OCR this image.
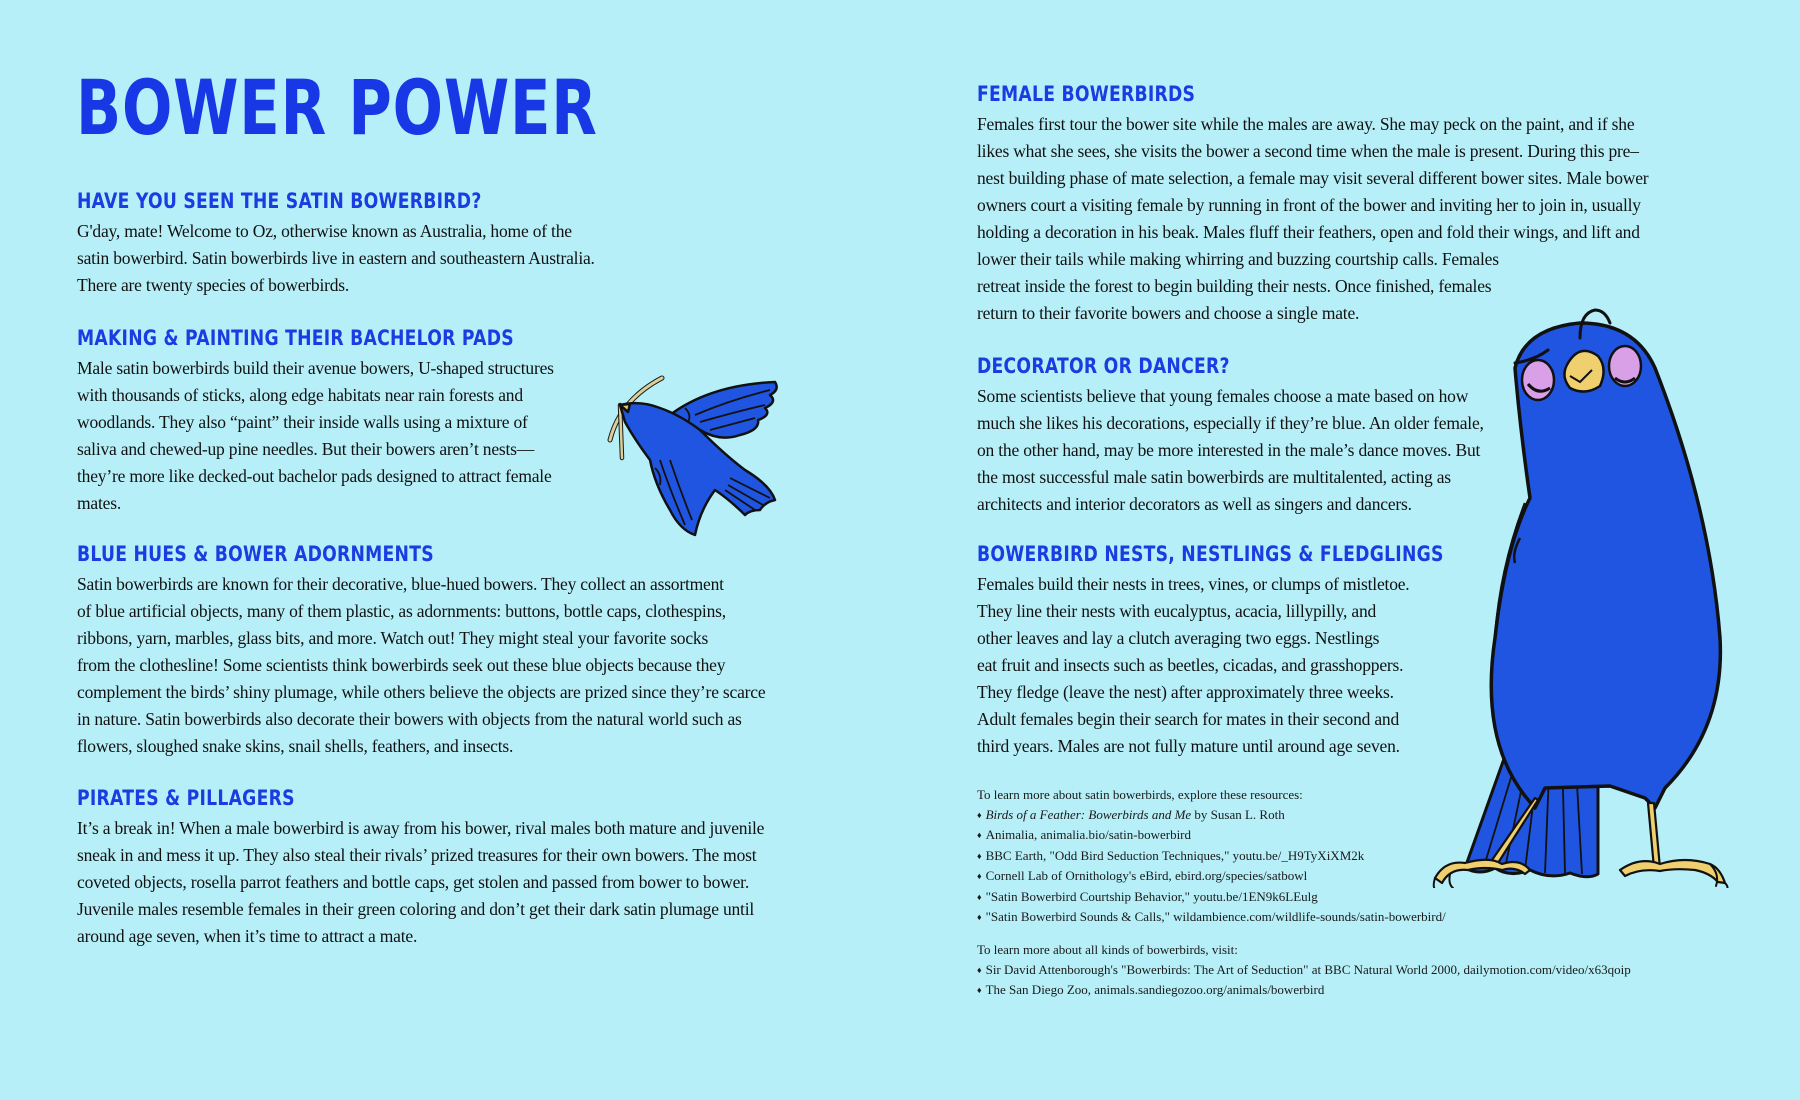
BOWER POWER
HAVE YOU SEEN THE SATIN BOWERBIRD?

G'day, mate! Welcome to Oz, otherwise known as Australia, home of the
satin bowerbird. Satin bowerbirds live in eastern and southeastern Australia.
There are twenty species of bowerbirds.

MAKING & PAINTING THEIR BACHELOR PADS

Male satin bowerbirds build their avenue bowers, U-shaped structures
with thousands of sticks, along edge habitats near rain forests and
woodlands. They also “paint” their inside walls using a mixture of
saliva and chewed-up pine needles. But their bowers aren’t nests—
they’re more like decked-out bachelor pads designed to attract female
mates.

BLUE HUES & BOWER ADORNMENTS

Satin bowerbirds are known for their decorative, blue-hued bowers. They collect an assortment
of blue artificial objects, many of them plastic, as adornments: buttons, bottle caps, clothespins,
ribbons, yarn, marbles, glass bits, and more. Watch out! They might steal your favorite socks
from the clothesline! Some scientists think bowerbirds seek out these blue objects because they
complement the birds’ shiny plumage, while others believe the objects are prized since they’re scarce
in nature. Satin bowerbirds also decorate their bowers with objects from the natural world such as
flowers, sloughed snake skins, snail shells, feathers, and insects.

PIRATES & PILLAGERS

It’s a break in! When a male bowerbird is away from his bower, rival males both mature and juvenile
sneak in and mess it up. They also steal their rivals’ prized treasures for their own bowers. The most
coveted objects, rosella parrot feathers and bottle caps, get stolen and passed from bower to bower.
Juvenile males resemble females in their green coloring and don’t get their dark satin plumage until
around age seven, when it’s time to attract a mate.

FEMALE BOWERBIRDS

Females first tour the bower site while the males are away. She may peck on the paint, and if she
likes what she sees, she visits the bower a second time when the male is present. During this pre–
nest building phase of mate selection, a female may visit several different bower sites. Male bower
owners court a visiting female by running in front of the bower and inviting her to join in, usually
holding a decoration in his beak. Males fluff their feathers, open and fold their wings, and lift and
lower their tails while making whirring and buzzing courtship calls. Females
retreat inside the forest to begin building their nests. Once finished, females
return to their favorite bowers and choose a single mate.

DECORATOR OR DANCER?

Some scientists believe that young females choose a mate based on how
much she likes his decorations, especially if they’re blue. An older female,
on the other hand, may be more interested in the male’s dance moves. But
the most successful male satin bowerbirds are multitalented, acting as
architects and interior decorators as well as singers and dancers.

BOWERBIRD NESTS, NESTLINGS & FLEDGLINGS

Females build their nests in trees, vines, or clumps of mistletoe.
They line their nests with eucalyptus, acacia, lillypilly, and
other leaves and lay a clutch averaging two eggs. Nestlings
eat fruit and insects such as beetles, cicadas, and grasshoppers.
They fledge (leave the nest) after approximately three weeks.
Adult females begin their search for mates in their second and
third years. Males are not fully mature until around age seven.

To learn more about satin bowerbirds, explore these resources:
♦ Birds of a Feather: Bowerbirds and Me by Susan L. Roth
♦ Animalia, animalia.bio/satin-bowerbird
♦ BBC Earth, "Odd Bird Seduction Techniques," youtu.be/_H9TyXiXM2k
♦ Cornell Lab of Ornithology's eBird, ebird.org/species/satbowl
♦ "Satin Bowerbird Courtship Behavior," youtu.be/1EN9k6LEulg
♦ "Satin Bowerbird Sounds & Calls," wildambience.com/wildlife-sounds/satin-bowerbird/
To learn more about all kinds of bowerbirds, visit:
♦ Sir David Attenborough's "Bowerbirds: The Art of Seduction" at BBC Natural World 2000, dailymotion.com/video/x63qoip
♦ The San Diego Zoo, animals.sandiegozoo.org/animals/bowerbird
